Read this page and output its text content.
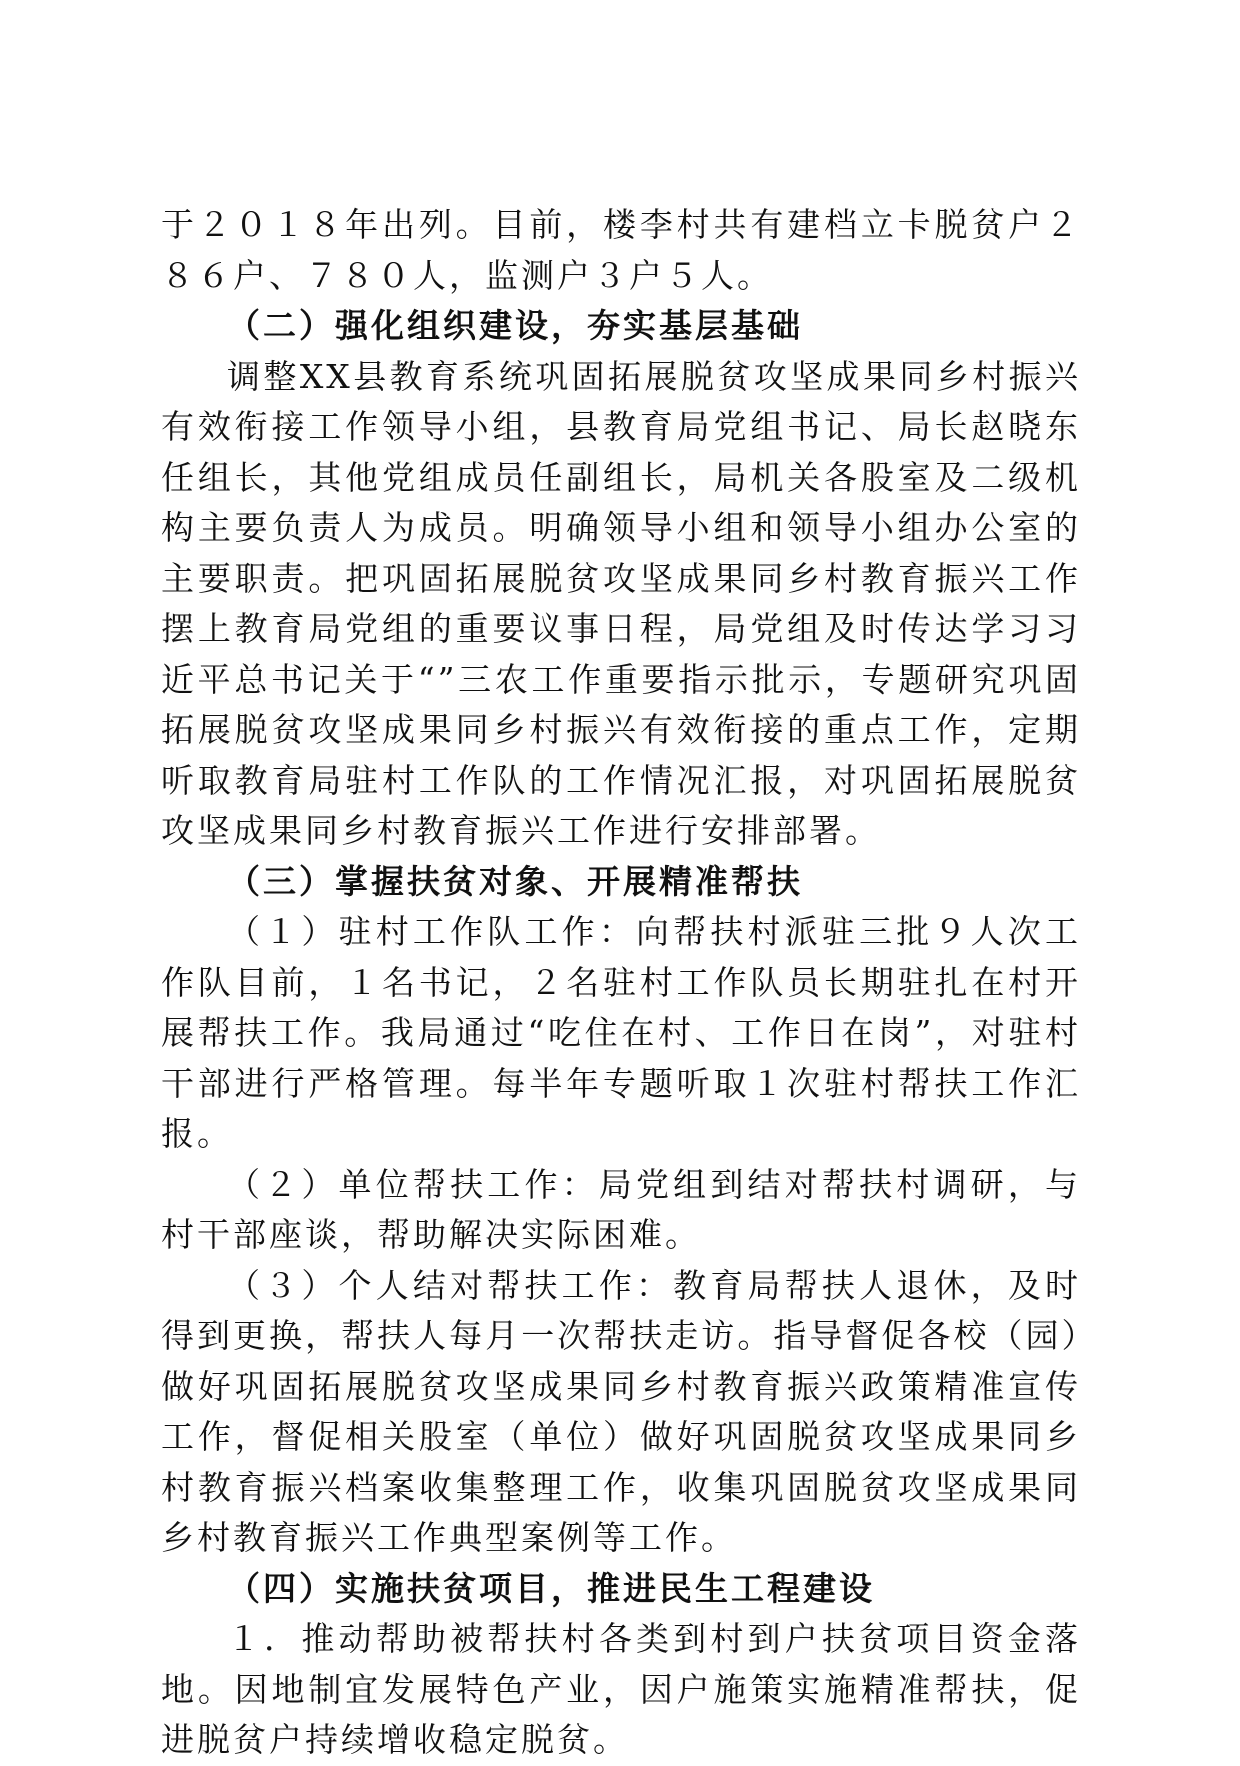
于２０１８年出列。目前，楼李村共有建档立卡脱贫户２８６户、７８０人，监测户３户５人。

（二）强化组织建设，夯实基层基础

调整XX县教育系统巩固拓展脱贫攻坚成果同乡村振兴有效衔接工作领导小组，县教育局党组书记、局长赵晓东任组长，其他党组成员任副组长，局机关各股室及二级机构主要负责人为成员。明确领导小组和领导小组办公室的主要职责。把巩固拓展脱贫攻坚成果同乡村教育振兴工作摆上教育局党组的重要议事日程，局党组及时传达学习习近平总书记关于“”三农工作重要指示批示，专题研究巩固拓展脱贫攻坚成果同乡村振兴有效衔接的重点工作，定期听取教育局驻村工作队的工作情况汇报，对巩固拓展脱贫攻坚成果同乡村教育振兴工作进行安排部署。

（三）掌握扶贫对象、开展精准帮扶

（１）驻村工作队工作：向帮扶村派驻三批９人次工作队目前，１名书记，２名驻村工作队员长期驻扎在村开展帮扶工作。我局通过“吃住在村、工作日在岗”，对驻村干部进行严格管理。每半年专题听取１次驻村帮扶工作汇报。

（２）单位帮扶工作：局党组到结对帮扶村调研，与村干部座谈，帮助解决实际困难。

（３）个人结对帮扶工作：教育局帮扶人退休，及时得到更换，帮扶人每月一次帮扶走访。指导督促各校（园）做好巩固拓展脱贫攻坚成果同乡村教育振兴政策精准宣传工作，督促相关股室（单位）做好巩固脱贫攻坚成果同乡村教育振兴档案收集整理工作，收集巩固脱贫攻坚成果同乡村教育振兴工作典型案例等工作。

（四）实施扶贫项目，推进民生工程建设

１．推动帮助被帮扶村各类到村到户扶贫项目资金落地。因地制宜发展特色产业，因户施策实施精准帮扶，促进脱贫户持续增收稳定脱贫。
